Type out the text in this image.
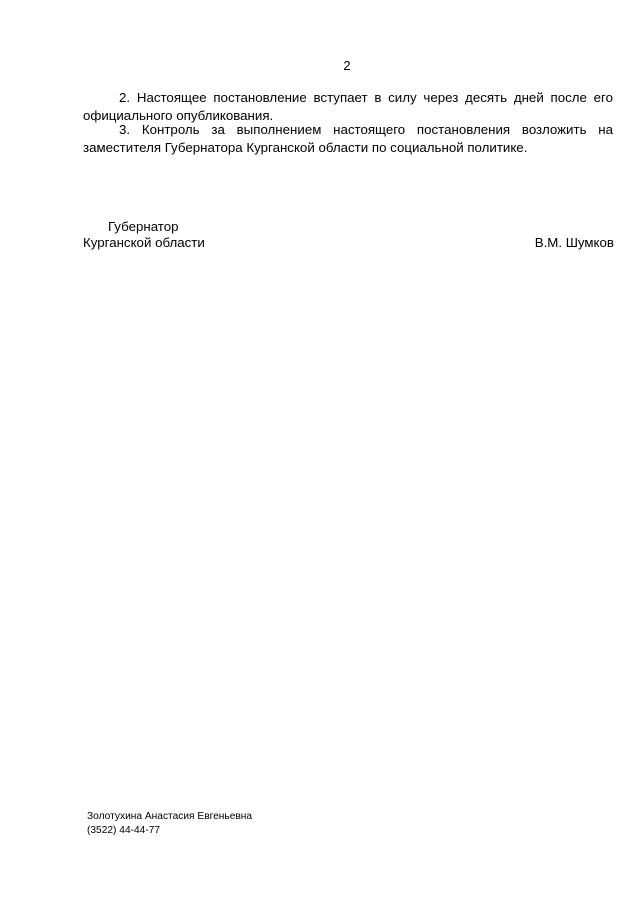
2

2. Настоящее постановление вступает в силу через десять дней после его официального опубликования.

3. Контроль за выполнением настоящего постановления возложить на заместителя Губернатора Курганской области по социальной политике.

Губернатор
Курганской области	В.М. Шумков
Золотухина Анастасия Евгеньевна
(3522) 44-44-77
